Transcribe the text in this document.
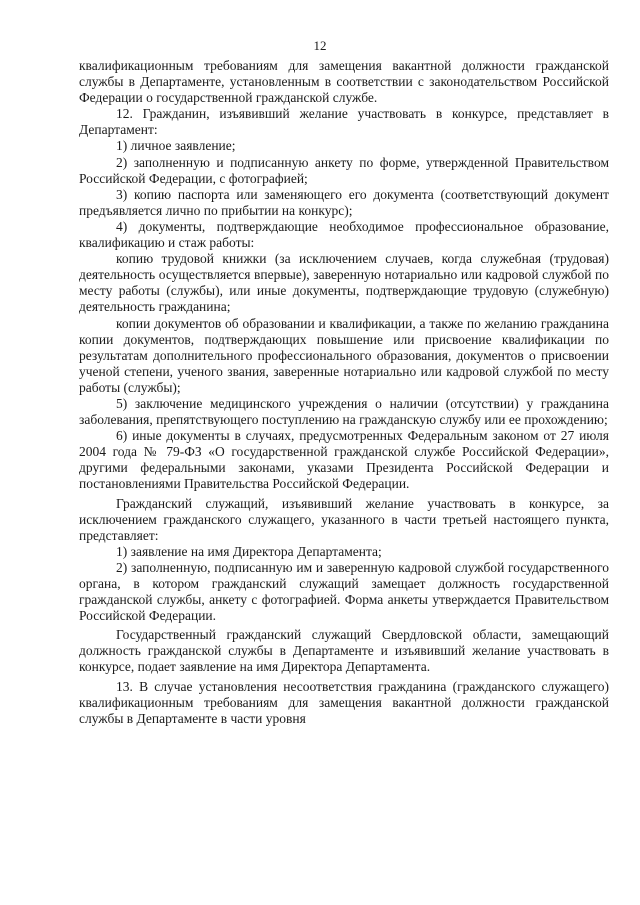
12

квалификационным требованиям для замещения вакантной должности гражданской службы в Департаменте, установленным в соответствии с законодательством Российской Федерации о государственной гражданской службе.

12. Гражданин, изъявивший желание участвовать в конкурсе, представляет в Департамент:

1) личное заявление;

2) заполненную и подписанную анкету по форме, утвержденной Правительством Российской Федерации, с фотографией;

3) копию паспорта или заменяющего его документа (соответствующий документ предъявляется лично по прибытии на конкурс);

4) документы, подтверждающие необходимое профессиональное образование, квалификацию и стаж работы:

копию трудовой книжки (за исключением случаев, когда служебная (трудовая) деятельность осуществляется впервые), заверенную нотариально или кадровой службой по месту работы (службы), или иные документы, подтверждающие трудовую (служебную) деятельность гражданина;

копии документов об образовании и квалификации, а также по желанию гражданина копии документов, подтверждающих повышение или присвоение квалификации по результатам дополнительного профессионального образования, документов о присвоении ученой степени, ученого звания, заверенные нотариально или кадровой службой по месту работы (службы);

5) заключение медицинского учреждения о наличии (отсутствии) у гражданина заболевания, препятствующего поступлению на гражданскую службу или ее прохождению;

6) иные документы в случаях, предусмотренных Федеральным законом от 27 июля 2004 года № 79-ФЗ «О государственной гражданской службе Российской Федерации», другими федеральными законами, указами Президента Российской Федерации и постановлениями Правительства Российской Федерации.

Гражданский служащий, изъявивший желание участвовать в конкурсе, за исключением гражданского служащего, указанного в части третьей настоящего пункта, представляет:

1) заявление на имя Директора Департамента;

2) заполненную, подписанную им и заверенную кадровой службой государственного органа, в котором гражданский служащий замещает должность государственной гражданской службы, анкету с фотографией. Форма анкеты утверждается Правительством Российской Федерации.

Государственный гражданский служащий Свердловской области, замещающий должность гражданской службы в Департаменте и изъявивший желание участвовать в конкурсе, подает заявление на имя Директора Департамента.

13. В случае установления несоответствия гражданина (гражданского служащего) квалификационным требованиям для замещения вакантной должности гражданской службы в Департаменте в части уровня
